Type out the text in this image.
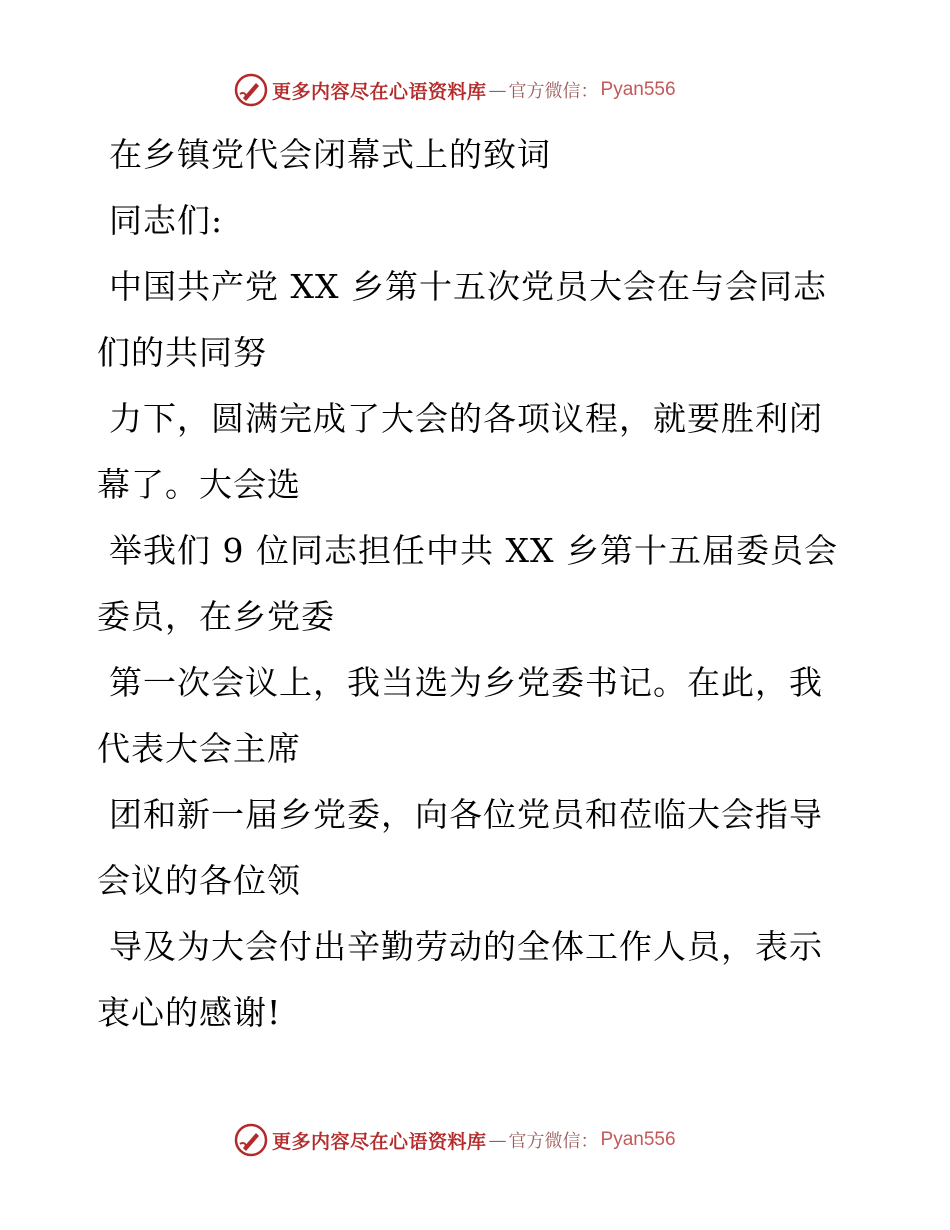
更多内容尽在心语资料库 — 官方微信： Pyan556
在乡镇党代会闭幕式上的致词
同志们:
中国共产党 XX 乡第十五次党员大会在与会同志
们的共同努
力下，圆满完成了大会的各项议程，就要胜利闭
幕了。大会选
举我们 9 位同志担任中共 XX 乡第十五届委员会
委员，在乡党委
第一次会议上，我当选为乡党委书记。在此，我
代表大会主席
团和新一届乡党委，向各位党员和莅临大会指导
会议的各位领
导及为大会付出辛勤劳动的全体工作人员，表示
衷心的感谢!
更多内容尽在心语资料库 — 官方微信： Pyan556
